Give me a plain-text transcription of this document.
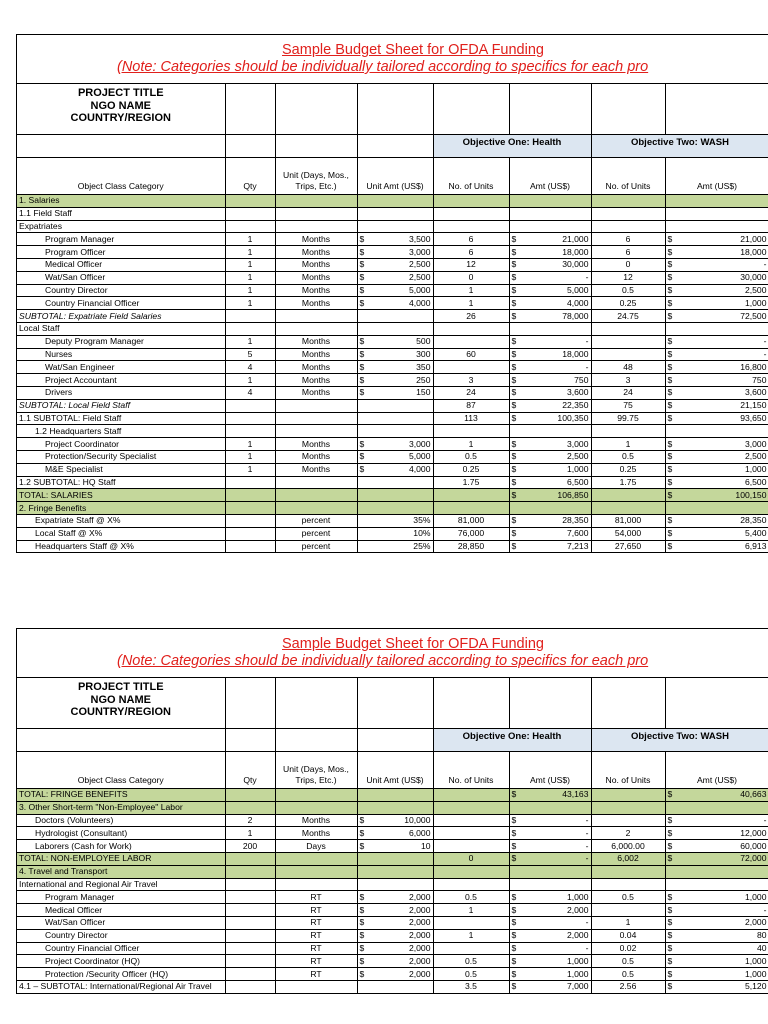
Sample Budget Sheet for OFDA Funding
(Note: Categories should be individually tailored according to specifics for each pro
PROJECT TITLE
NGO NAME
COUNTRY/REGION										

					Objective One: Health			Objective Two: WASH		
Object Class Category	Qty	Unit (Days, Mos., Trips, Etc.)	Unit Amt (US$)		No. of Units	Amt (US$)		No. of Units	Amt (US$)	
1. Salaries										
1.1 Field Staff										
Expatriates										
Program Manager	1	Months	$	3,500	6	$	21,000	6	$	21,000
Program Officer	1	Months	$	3,000	6	$	18,000	6	$	18,000
Medical Officer	1	Months	$	2,500	12	$	30,000	0	$	-
Wat/San Officer	1	Months	$	2,500	0	$	-	12	$	30,000
Country Director	1	Months	$	5,000	1	$	5,000	0.5	$	2,500
Country Financial Officer	1	Months	$	4,000	1	$	4,000	0.25	$	1,000
SUBTOTAL: Expatriate Field Salaries					26	$	78,000	24.75	$	72,500
Local Staff										
Deputy Program Manager	1	Months	$	500		$	-		$	-
Nurses	5	Months	$	300	60	$	18,000		$	-
Wat/San Engineer	4	Months	$	350		$	-	48	$	16,800
Project Accountant	1	Months	$	250	3	$	750	3	$	750
Drivers	4	Months	$	150	24	$	3,600	24	$	3,600
SUBTOTAL: Local Field Staff					87	$	22,350	75	$	21,150
1.1 SUBTOTAL: Field Staff					113	$	100,350	99.75	$	93,650
1.2 Headquarters Staff										
Project Coordinator	1	Months	$	3,000	1	$	3,000	1	$	3,000
Protection/Security Specialist	1	Months	$	5,000	0.5	$	2,500	0.5	$	2,500
M&E Specialist	1	Months	$	4,000	0.25	$	1,000	0.25	$	1,000
1.2 SUBTOTAL: HQ Staff					1.75	$	6,500	1.75	$	6,500
TOTAL: SALARIES						$	106,850		$	100,150
2. Fringe Benefits										
Expatriate Staff @ X%		percent		35%	81,000	$	28,350	81,000	$	28,350
Local Staff @ X%		percent		10%	76,000	$	7,600	54,000	$	5,400
Headquarters Staff @ X%		percent		25%	28,850	$	7,213	27,650	$	6,913
Sample Budget Sheet for OFDA Funding
(Note: Categories should be individually tailored according to specifics for each pro
PROJECT TITLE
NGO NAME
COUNTRY/REGION										

					Objective One: Health			Objective Two: WASH		
Object Class Category	Qty	Unit (Days, Mos., Trips, Etc.)	Unit Amt (US$)		No. of Units	Amt (US$)		No. of Units	Amt (US$)	
TOTAL: FRINGE BENEFITS						$	43,163		$	40,663
3. Other Short-term "Non-Employee" Labor										
Doctors (Volunteers)	2	Months	$	10,000		$	-		$	-
Hydrologist (Consultant)	1	Months	$	6,000		$	-	2	$	12,000
Laborers (Cash for Work)	200	Days	$	10		$	-	6,000.00	$	60,000
TOTAL: NON-EMPLOYEE LABOR					0	$	-	6,002	$	72,000
4. Travel and Transport										
International and Regional Air Travel										
Program Manager		RT	$	2,000	0.5	$	1,000	0.5	$	1,000
Medical Officer		RT	$	2,000	1	$	2,000		$	-
Wat/San Officer		RT	$	2,000		$	-	1	$	2,000
Country Director		RT	$	2,000	1	$	2,000	0.04	$	80
Country Financial Officer		RT	$	2,000		$	-	0.02	$	40
Project Coordinator (HQ)		RT	$	2,000	0.5	$	1,000	0.5	$	1,000
Protection /Security Officer (HQ)		RT	$	2,000	0.5	$	1,000	0.5	$	1,000
4.1 – SUBTOTAL: International/Regional Air Travel					3.5	$	7,000	2.56	$	5,120
